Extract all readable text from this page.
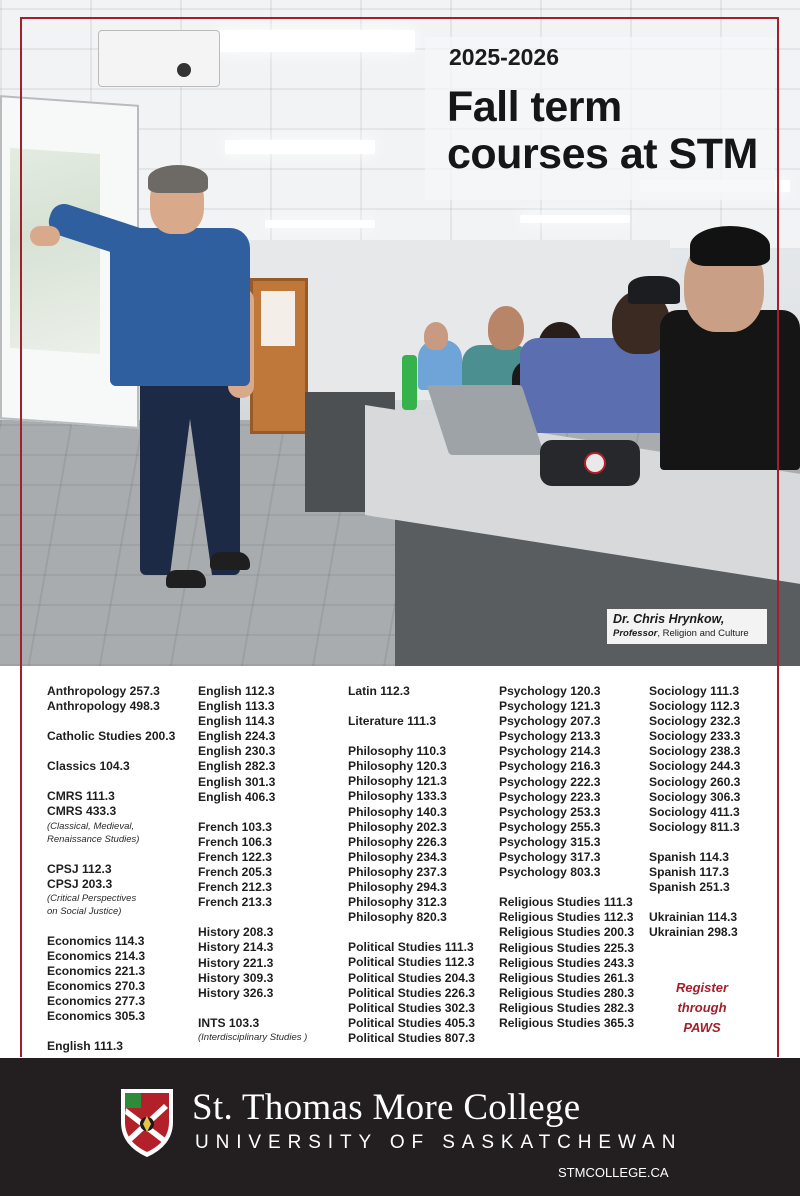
2025-2026
Fall term
courses at STM
Dr. Chris Hrynkow,
Professor, Religion and Culture
Anthropology 257.3
Anthropology 498.3
Catholic Studies 200.3
Classics 104.3
CMRS 111.3
CMRS 433.3
(Classical, Medieval,
Renaissance Studies)
CPSJ 112.3
CPSJ 203.3
(Critical Perspectives
on Social Justice)
Economics 114.3
Economics 214.3
Economics 221.3
Economics 270.3
Economics 277.3
Economics 305.3
English 111.3
English 112.3
English 113.3
English 114.3
English 224.3
English 230.3
English 282.3
English 301.3
English 406.3
French 103.3
French 106.3
French 122.3
French 205.3
French 212.3
French 213.3
History 208.3
History 214.3
History 221.3
History 309.3
History 326.3
INTS 103.3
(Interdisciplinary Studies )
Latin 112.3
Literature 111.3
Philosophy 110.3
Philosophy 120.3
Philosophy 121.3
Philosophy 133.3
Philosophy 140.3
Philosophy 202.3
Philosophy 226.3
Philosophy 234.3
Philosophy 237.3
Philosophy 294.3
Philosophy 312.3
Philosophy 820.3
Political Studies 111.3
Political Studies 112.3
Political Studies 204.3
Political Studies 226.3
Political Studies 302.3
Political Studies 405.3
Political Studies 807.3
Psychology 120.3
Psychology 121.3
Psychology 207.3
Psychology 213.3
Psychology 214.3
Psychology 216.3
Psychology 222.3
Psychology 223.3
Psychology 253.3
Psychology 255.3
Psychology 315.3
Psychology 317.3
Psychology 803.3
Religious Studies 111.3
Religious Studies 112.3
Religious Studies 200.3
Religious Studies 225.3
Religious Studies 243.3
Religious Studies 261.3
Religious Studies 280.3
Religious Studies 282.3
Religious Studies 365.3
Sociology 111.3
Sociology 112.3
Sociology 232.3
Sociology 233.3
Sociology 238.3
Sociology 244.3
Sociology 260.3
Sociology 306.3
Sociology 411.3
Sociology 811.3
Spanish 114.3
Spanish 117.3
Spanish 251.3
Ukrainian 114.3
Ukrainian 298.3
Register
through
PAWS
St. Thomas More College
UNIVERSITY OF SASKATCHEWAN
STMCOLLEGE.CA
